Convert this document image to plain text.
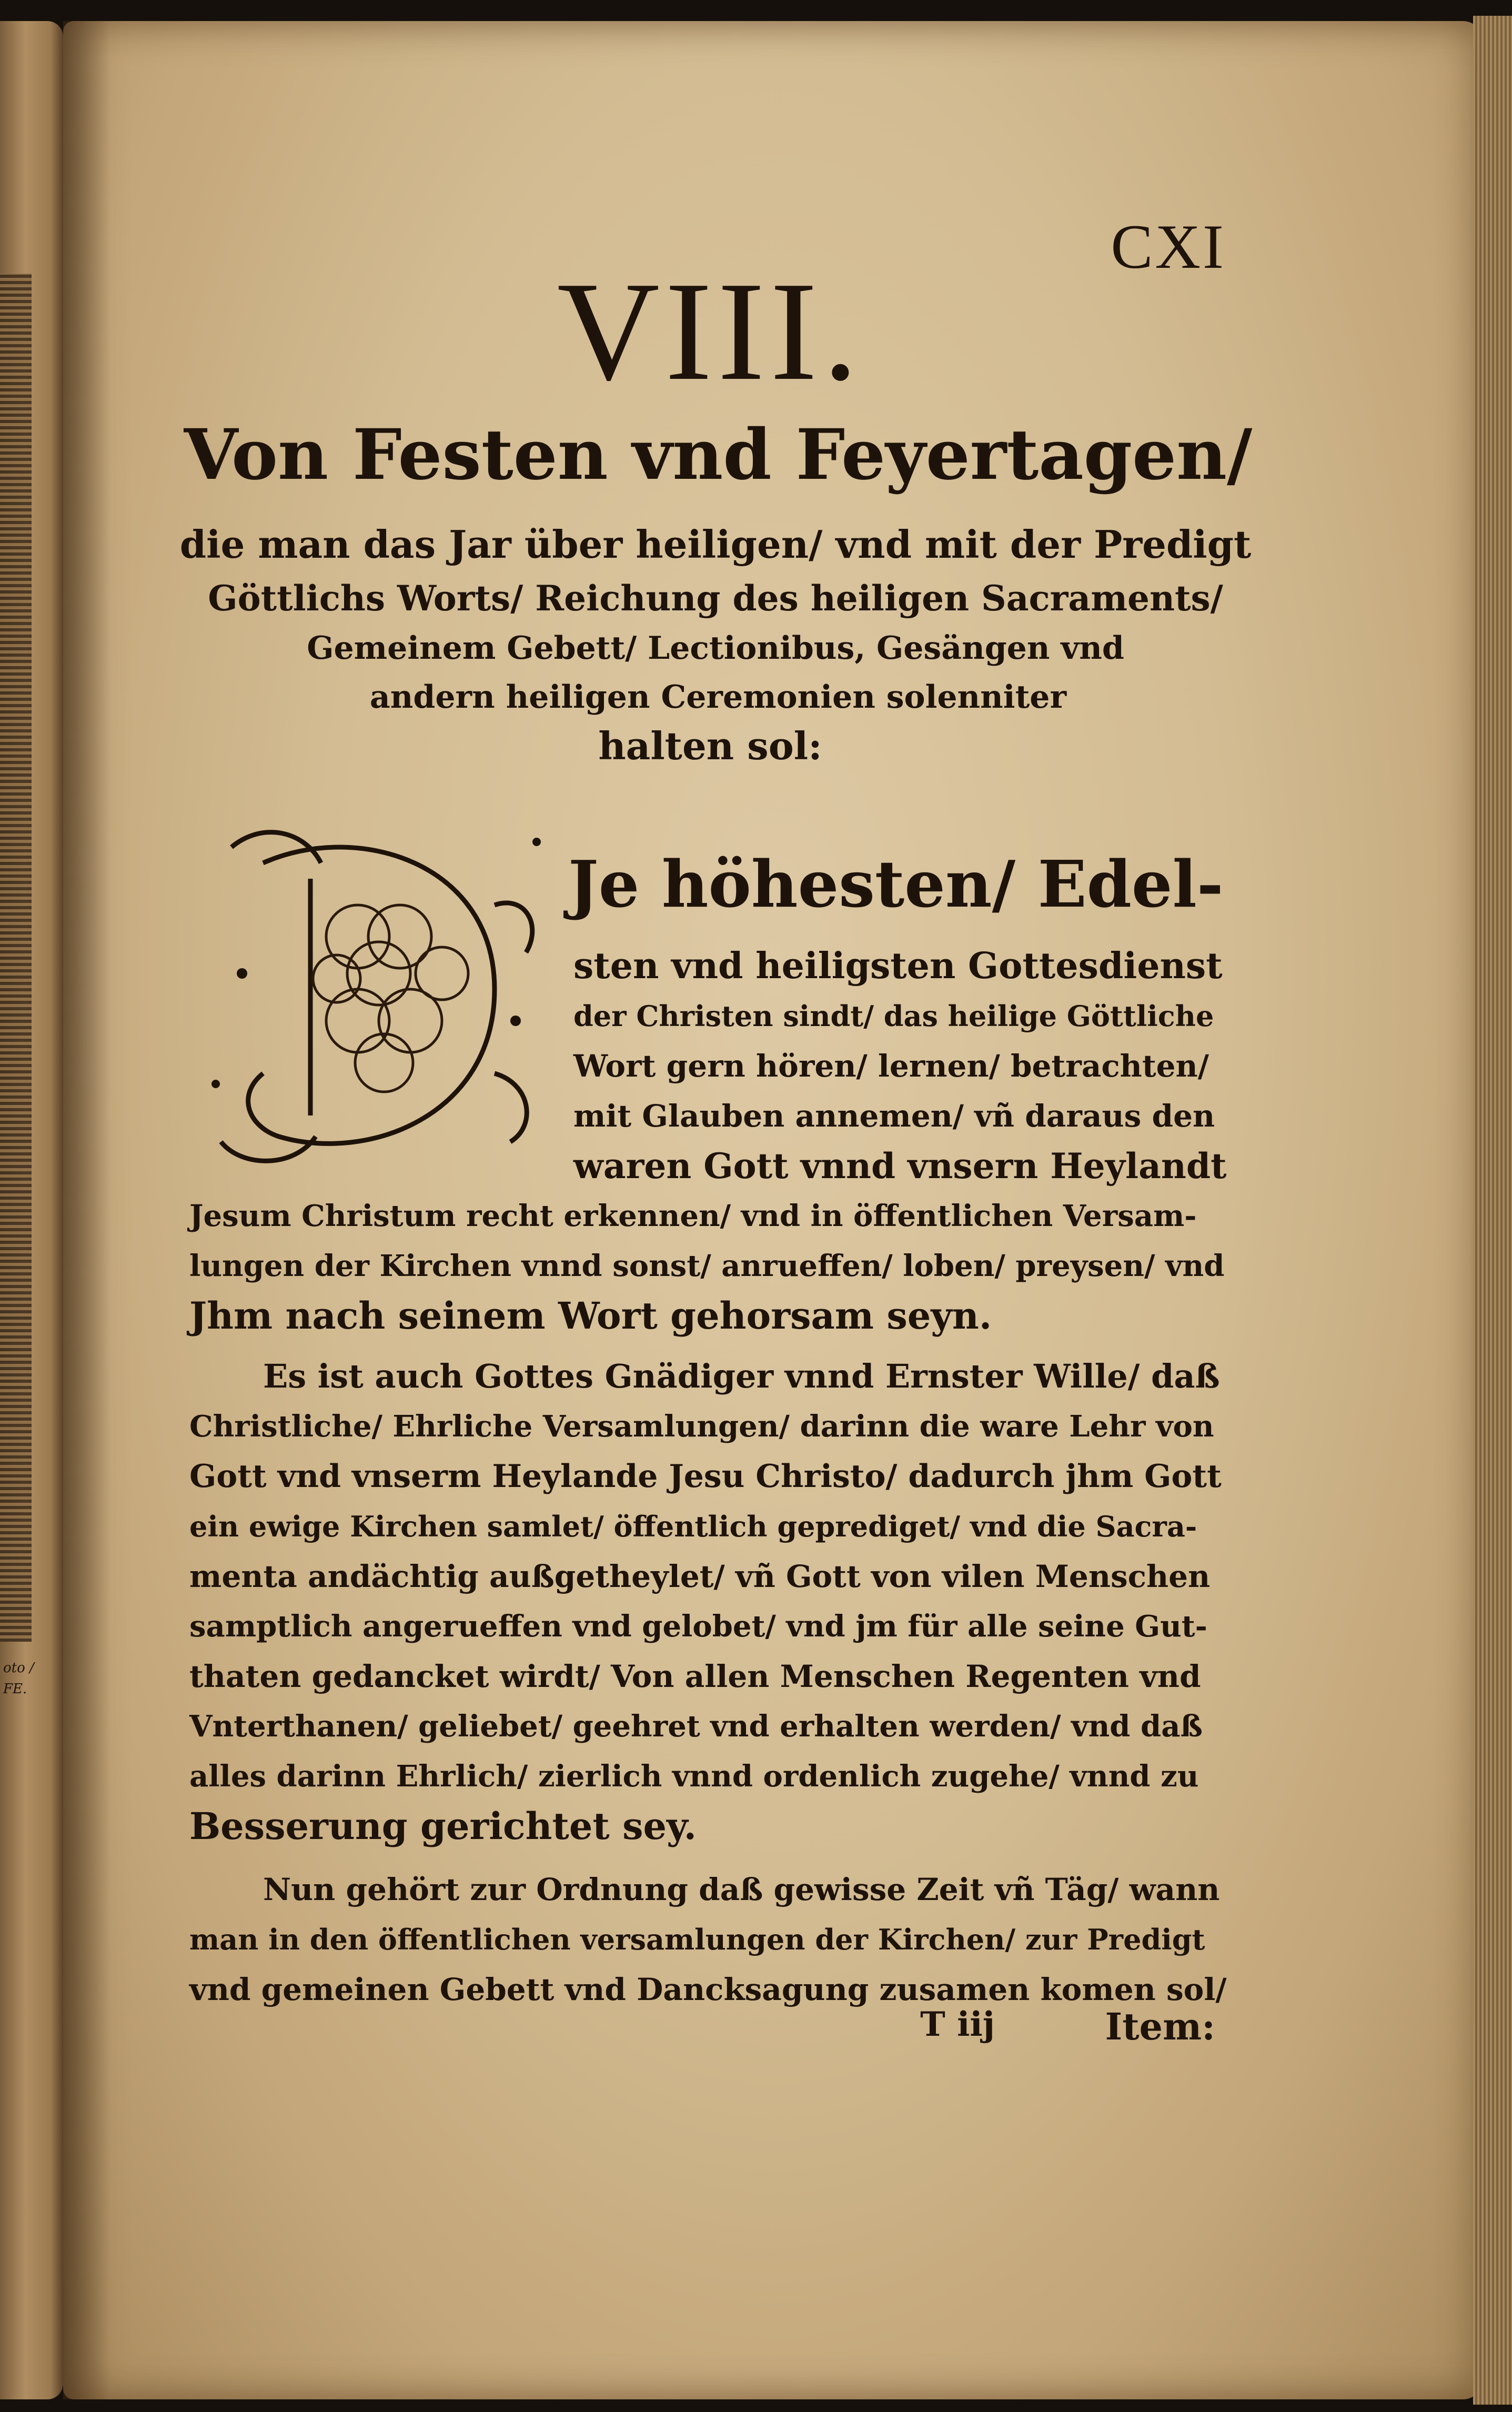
oto / FE.
CXI
VIII.
Von Festen vnd Feyertagen/
die man das Jar über heiligen/ vnd mit der Predigt
Göttlichs Worts/ Reichung des heiligen Sacraments/
Gemeinem Gebett/ Lectionibus, Gesängen vnd
andern heiligen Ceremonien solenniter
halten sol:
Je höhesten/ Edel-
sten vnd heiligsten Gottesdienst
der Christen sindt/ das heilige Göttliche
Wort gern hören/ lernen/ betrachten/
mit Glauben annemen/ vñ daraus den
waren Gott vnnd vnsern Heylandt
Jesum Christum recht erkennen/ vnd in öffentlichen Versam-
lungen der Kirchen vnnd sonst/ anrueffen/ loben/ preysen/ vnd
Jhm nach seinem Wort gehorsam seyn.
Es ist auch Gottes Gnädiger vnnd Ernster Wille/ daß
Christliche/ Ehrliche Versamlungen/ darinn die ware Lehr von
Gott vnd vnserm Heylande Jesu Christo/ dadurch jhm Gott
ein ewige Kirchen samlet/ öffentlich geprediget/ vnd die Sacra-
menta andächtig außgetheylet/ vñ Gott von vilen Menschen
samptlich angerueffen vnd gelobet/ vnd jm für alle seine Gut-
thaten gedancket wirdt/ Von allen Menschen Regenten vnd
Vnterthanen/ geliebet/ geehret vnd erhalten werden/ vnd daß
alles darinn Ehrlich/ zierlich vnnd ordenlich zugehe/ vnnd zu
Besserung gerichtet sey.
Nun gehört zur Ordnung daß gewisse Zeit vñ Täg/ wann
man in den öffentlichen versamlungen der Kirchen/ zur Predigt
vnd gemeinen Gebett vnd Dancksagung zusamen komen sol/
T iij	Item:
